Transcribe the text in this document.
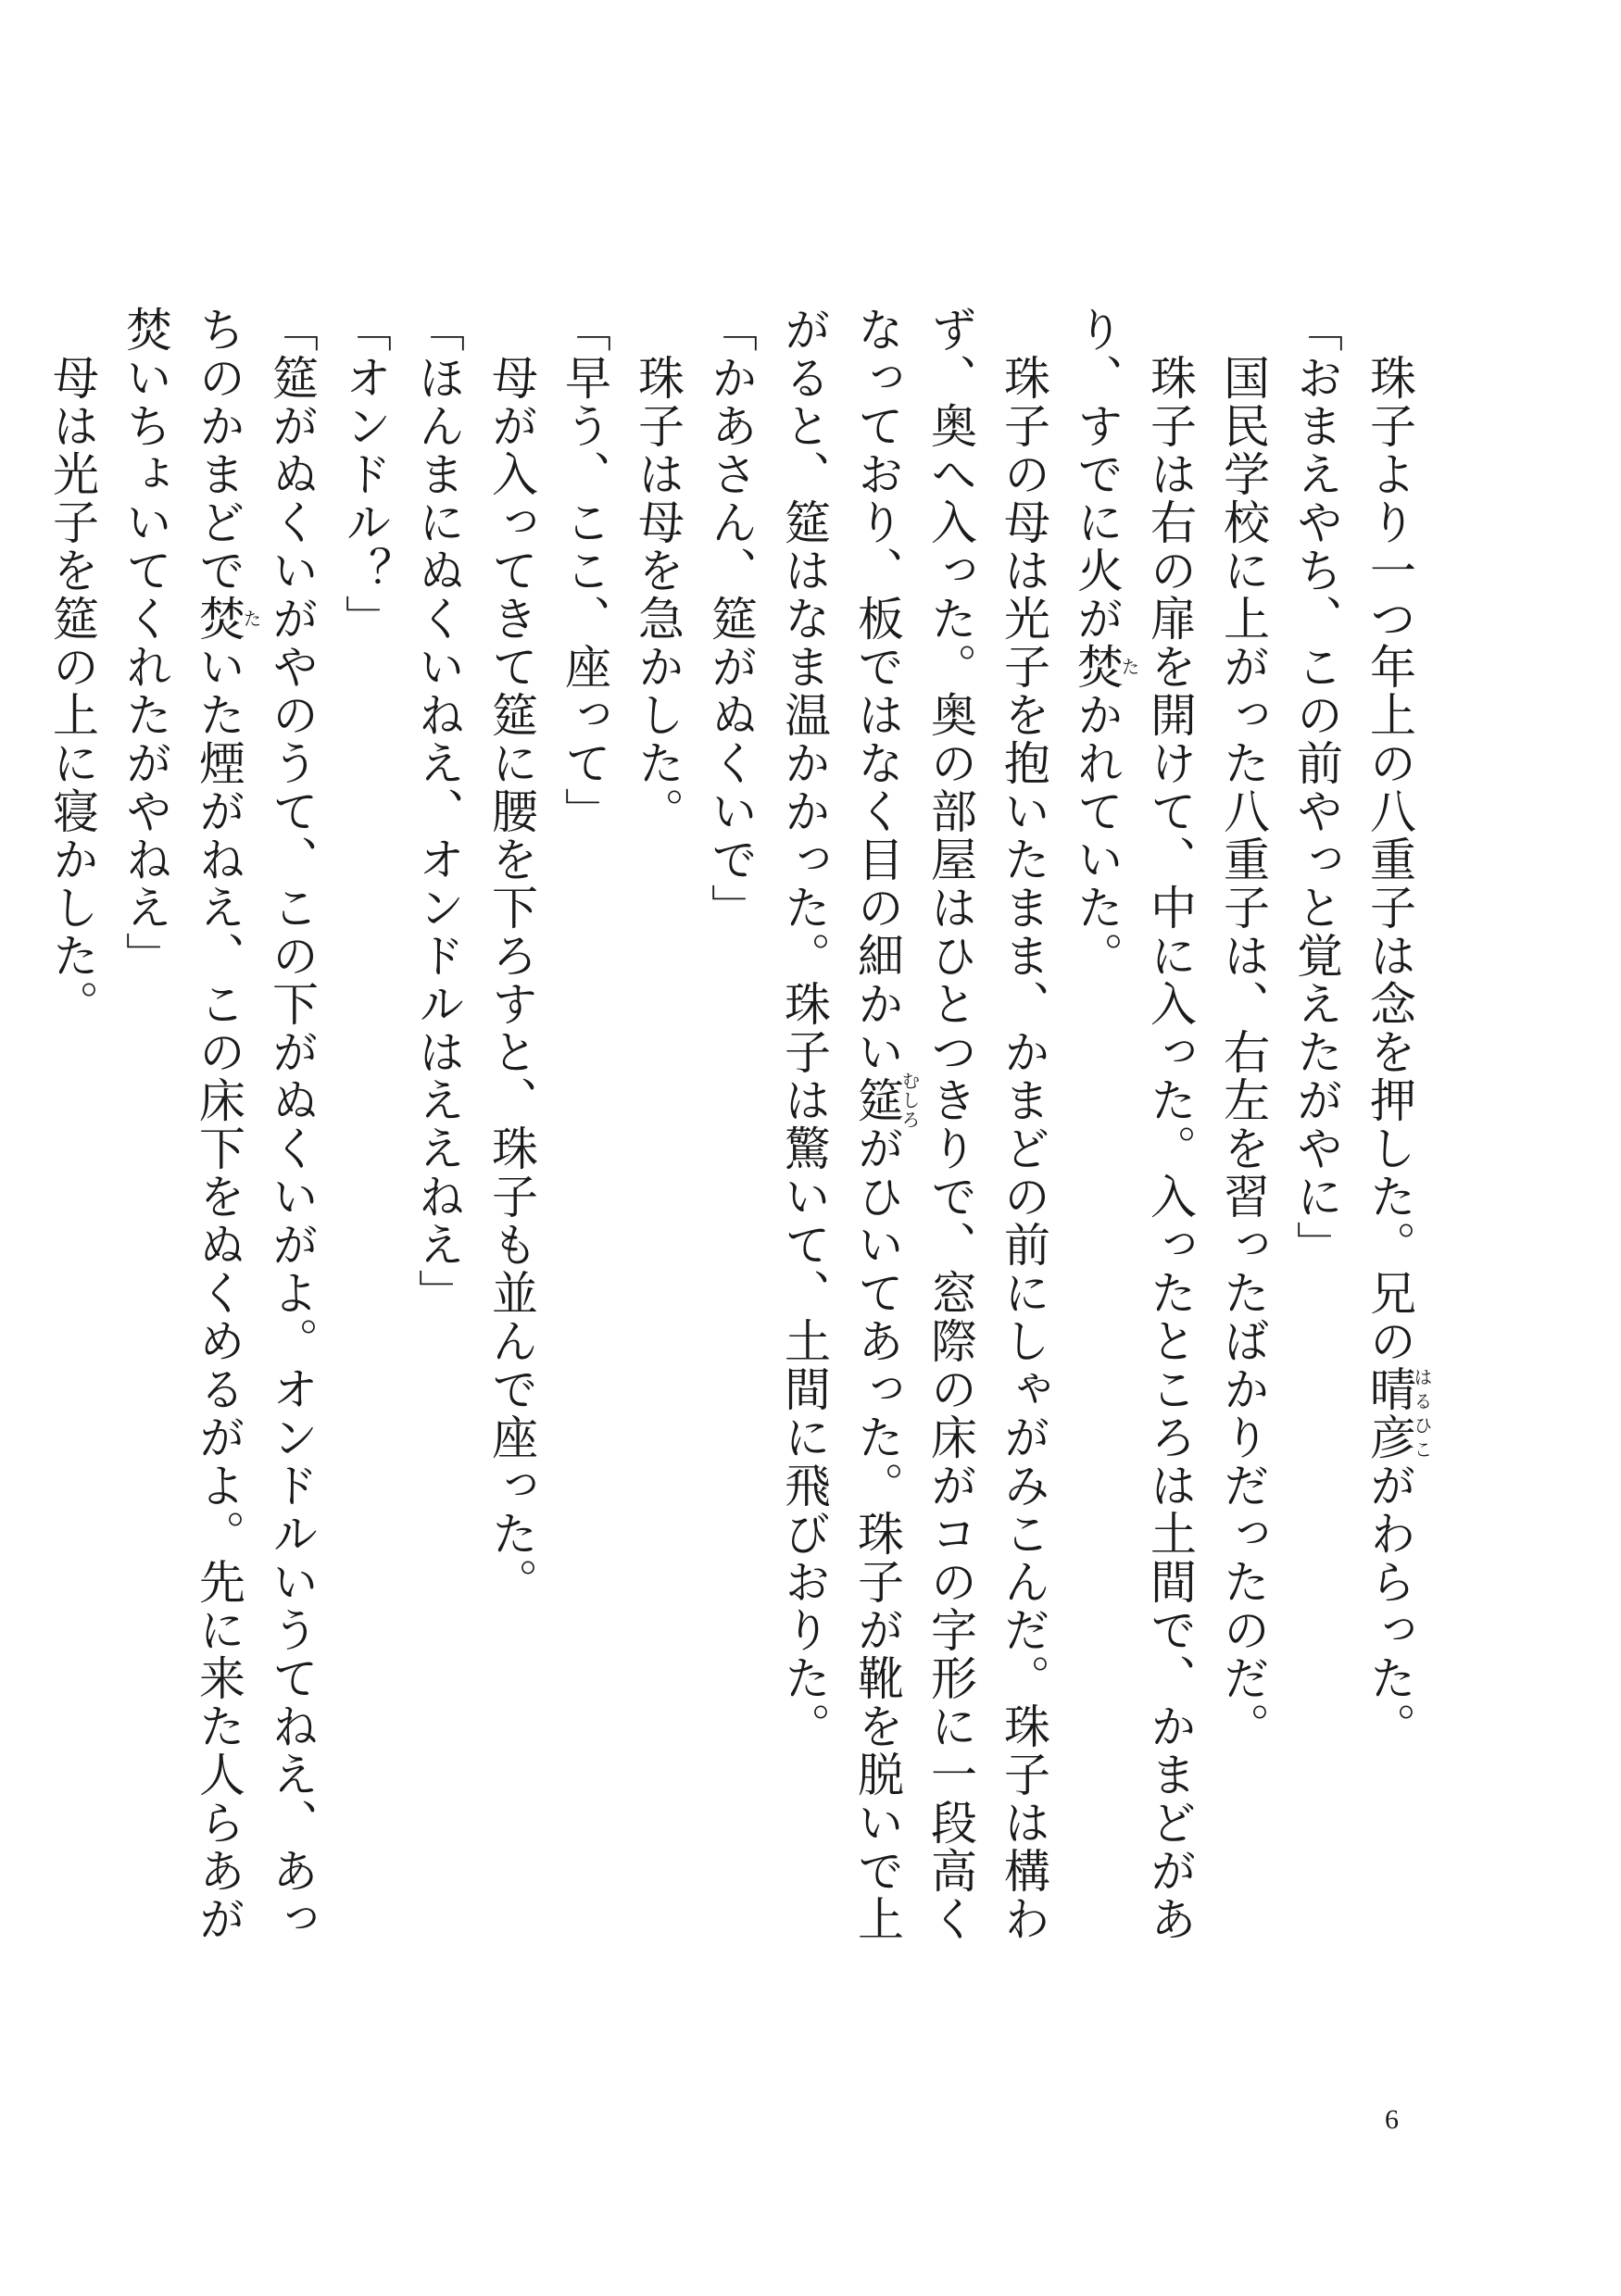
　珠子より一つ年上の八重子は念を押した。兄の晴彦はるひこがわらった。

「おまえやち、この前やっと覚えたがやに」

　国民学校に上がった八重子は、右左を習ったばかりだったのだ。

　珠子は右の扉を開けて、中に入った。入ったところは土間で、かまどがあり、すでに火が焚たかれていた。

　珠子の母は光子を抱いたまま、かまどの前にしゃがみこんだ。珠子は構わず、奥へ入った。奥の部屋はひとつきりで、窓際の床がコの字形に一段高くなっており、板ではなく目の細かい筵むしろがひいてあった。珠子が靴を脱いで上がると、筵はなま温かかった。珠子は驚いて、土間に飛びおりた。

「かあさん、筵がぬくいで」

　珠子は母を急かした。

「早う、ここ、座って」

　母が入ってきて筵に腰を下ろすと、珠子も並んで座った。

「ほんまにぬくいねえ、オンドルはええねえ」

「オンドル？」

「筵がぬくいがやのうて、この下がぬくいがよ。オンドルいうてねえ、あっちのかまどで焚たいた煙がねえ、この床下をぬくめるがよ。先に来た人らあが焚いちょいてくれたがやねえ」

　母は光子を筵の上に寝かした。

6
